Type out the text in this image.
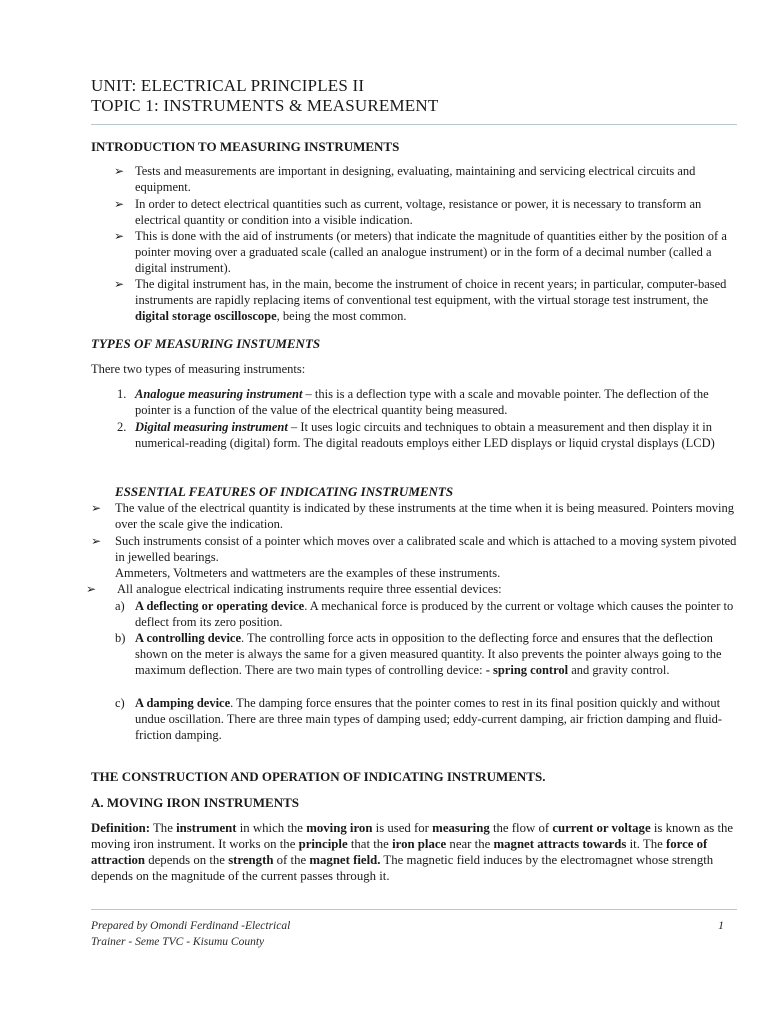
UNIT: ELECTRICAL PRINCIPLES II
TOPIC 1: INSTRUMENTS & MEASUREMENT
INTRODUCTION TO MEASURING INSTRUMENTS
➢ Tests and measurements are important in designing, evaluating, maintaining and servicing electrical circuits and equipment.

➢ In order to detect electrical quantities such as current, voltage, resistance or power, it is necessary to transform an electrical quantity or condition into a visible indication.

➢ This is done with the aid of instruments (or meters) that indicate the magnitude of quantities either by the position of a pointer moving over a graduated scale (called an analogue instrument) or in the form of a decimal number (called a digital instrument).

➢ The digital instrument has, in the main, become the instrument of choice in recent years; in particular, computer-based instruments are rapidly replacing items of conventional test equipment, with the virtual storage test instrument, the digital storage oscilloscope, being the most common.

TYPES OF MEASURING INSTUMENTS

There two types of measuring instruments:

1. Analogue measuring instrument – this is a deflection type with a scale and movable pointer. The deflection of the pointer is a function of the value of the electrical quantity being measured.

2. Digital measuring instrument – It uses logic circuits and techniques to obtain a measurement and then display it in numerical-reading (digital) form. The digital readouts employs either LED displays or liquid crystal displays (LCD)

ESSENTIAL FEATURES OF INDICATING INSTRUMENTS
➢ The value of the electrical quantity is indicated by these instruments at the time when it is being measured. Pointers moving over the scale give the indication.

➢ Such instruments consist of a pointer which moves over a calibrated scale and which is attached to a moving system pivoted in jewelled bearings.

Ammeters, Voltmeters and wattmeters are the examples of these instruments.

➢ All analogue electrical indicating instruments require three essential devices:

a) A deflecting or operating device. A mechanical force is produced by the current or voltage which causes the pointer to deflect from its zero position.

b) A controlling device. The controlling force acts in opposition to the deflecting force and ensures that the deflection shown on the meter is always the same for a given measured quantity. It also prevents the pointer always going to the maximum deflection. There are two main types of controlling device: - spring control and gravity control.

c) A damping device. The damping force ensures that the pointer comes to rest in its final position quickly and without undue oscillation. There are three main types of damping used; eddy-current damping, air friction damping and fluid-friction damping.

THE CONSTRUCTION AND OPERATION OF INDICATING INSTRUMENTS.
A. MOVING IRON INSTRUMENTS

Definition: The instrument in which the moving iron is used for measuring the flow of current or voltage is known as the moving iron instrument. It works on the principle that the iron place near the magnet attracts towards it. The force of attraction depends on the strength of the magnet field. The magnetic field induces by the electromagnet whose strength depends on the magnitude of the current passes through it.

Prepared by Omondi Ferdinand -Electrical
Trainer - Seme TVC - Kisumu County
1
